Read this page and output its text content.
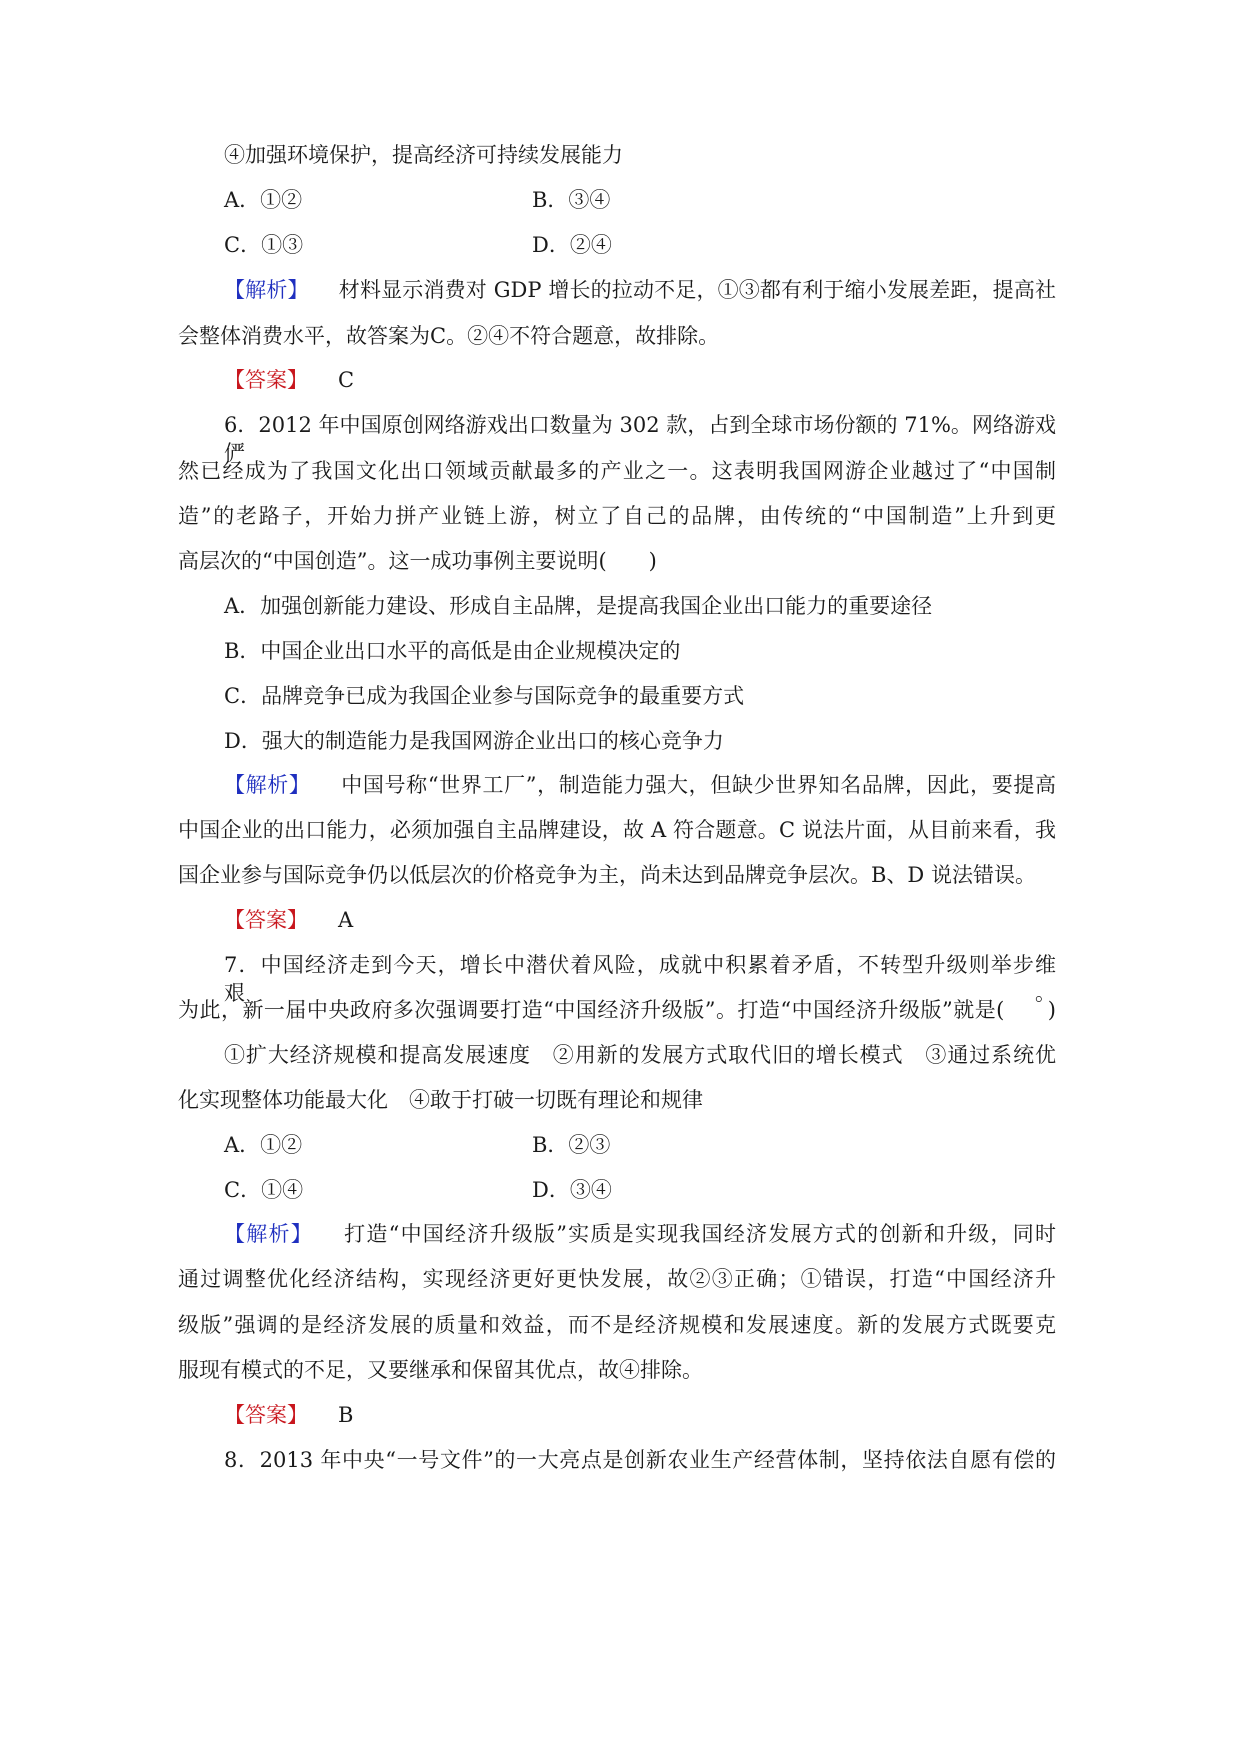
④加强环境保护，提高经济可持续发展能力
A．①②	B．③④
C．①③	D．②④
【解析】 材料显示消费对 GDP 增长的拉动不足，①③都有利于缩小发展差距，提高社
会整体消费水平，故答案为C。②④不符合题意，故排除。
【答案】 C
6．2012 年中国原创网络游戏出口数量为 302 款，占到全球市场份额的 71%。网络游戏俨
然已经成为了我国文化出口领域贡献最多的产业之一。这表明我国网游企业越过了“中国制
造”的老路子，开始力拼产业链上游，树立了自己的品牌，由传统的“中国制造”上升到更
高层次的“中国创造”。这一成功事例主要说明(　　)
A．加强创新能力建设、形成自主品牌，是提高我国企业出口能力的重要途径
B．中国企业出口水平的高低是由企业规模决定的
C．品牌竞争已成为我国企业参与国际竞争的最重要方式
D．强大的制造能力是我国网游企业出口的核心竞争力
【解析】 中国号称“世界工厂”，制造能力强大，但缺少世界知名品牌，因此，要提高
中国企业的出口能力，必须加强自主品牌建设，故 A 符合题意。C 说法片面，从目前来看，我
国企业参与国际竞争仍以低层次的价格竞争为主，尚未达到品牌竞争层次。B、D 说法错误。
【答案】 A
7．中国经济走到今天，增长中潜伏着风险，成就中积累着矛盾，不转型升级则举步维艰。
为此，新一届中央政府多次强调要打造“中国经济升级版”。打造“中国经济升级版”就是(　　)
①扩大经济规模和提高发展速度　②用新的发展方式取代旧的增长模式　③通过系统优
化实现整体功能最大化　④敢于打破一切既有理论和规律
A．①②	B．②③
C．①④	D．③④
【解析】 打造“中国经济升级版”实质是实现我国经济发展方式的创新和升级，同时
通过调整优化经济结构，实现经济更好更快发展，故②③正确；①错误，打造“中国经济升
级版”强调的是经济发展的质量和效益，而不是经济规模和发展速度。新的发展方式既要克
服现有模式的不足，又要继承和保留其优点，故④排除。
【答案】 B
8．2013 年中央“一号文件”的一大亮点是创新农业生产经营体制，坚持依法自愿有偿的
